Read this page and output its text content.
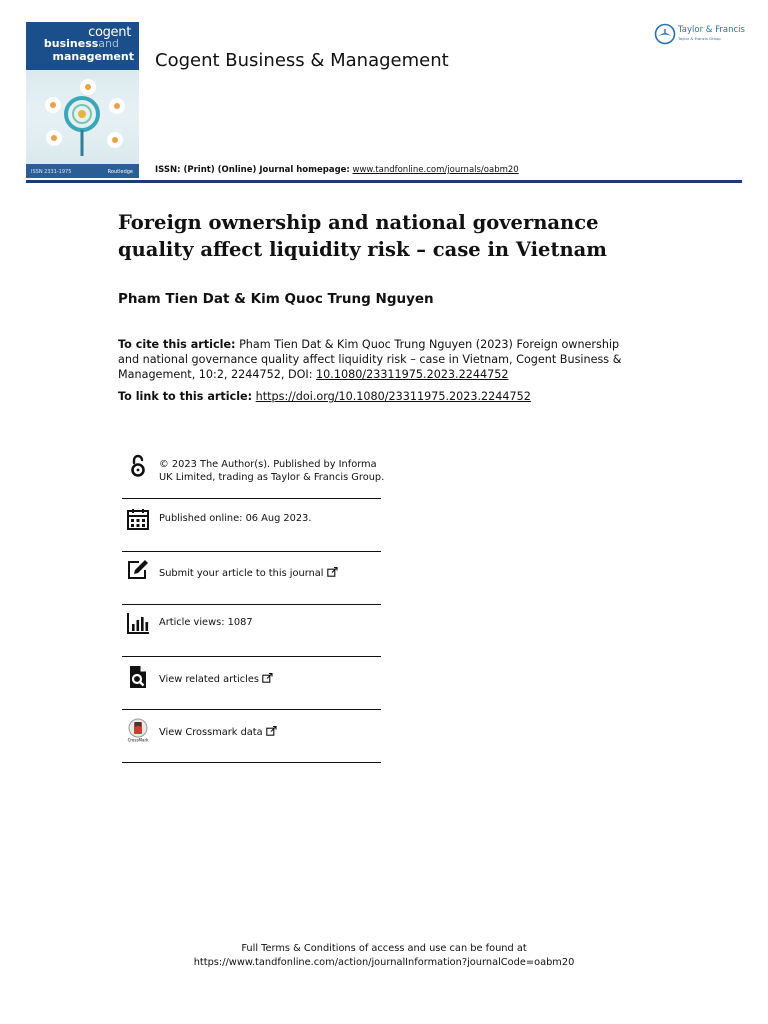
cogent
businessand
management
ISSN 2331-1975	Routledge
Cogent Business & Management
Taylor & Francis
Taylor & Francis Group
ISSN: (Print) (Online) Journal homepage: www.tandfonline.com/journals/oabm20
Foreign ownership and national governance quality affect liquidity risk – case in Vietnam
Pham Tien Dat & Kim Quoc Trung Nguyen
To cite this article: Pham Tien Dat & Kim Quoc Trung Nguyen (2023) Foreign ownership and national governance quality affect liquidity risk – case in Vietnam, Cogent Business & Management, 10:2, 2244752, DOI: 10.1080/23311975.2023.2244752
To link to this article: https://doi.org/10.1080/23311975.2023.2244752
© 2023 The Author(s). Published by Informa UK Limited, trading as Taylor & Francis Group.
Published online: 06 Aug 2023.
Submit your article to this journal
Article views: 1087
View related articles
CrossMark
View Crossmark data
Full Terms & Conditions of access and use can be found at
https://www.tandfonline.com/action/journalInformation?journalCode=oabm20
